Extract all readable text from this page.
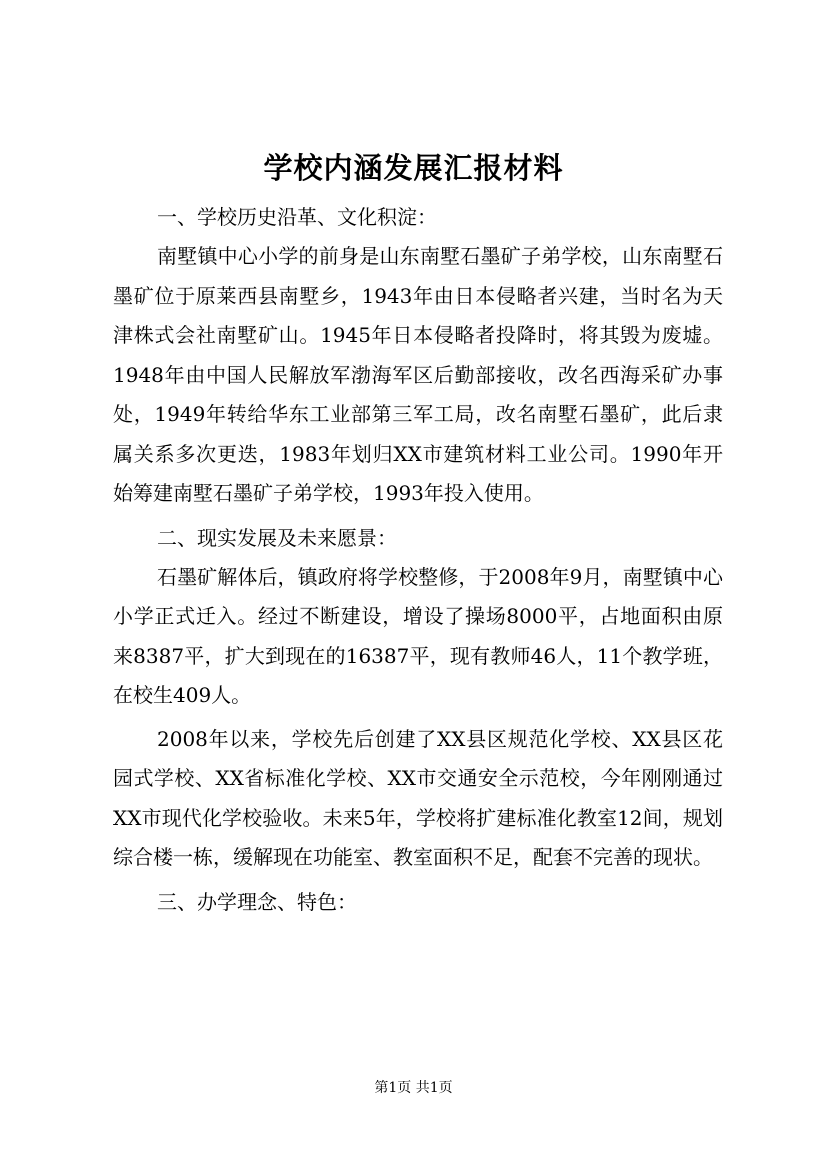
学校内涵发展汇报材料

一、学校历史沿革、文化积淀：

南墅镇中心小学的前身是山东南墅石墨矿子弟学校，山东南墅石墨矿位于原莱西县南墅乡，1943年由日本侵略者兴建，当时名为天津株式会社南墅矿山。1945年日本侵略者投降时，将其毁为废墟。1948年由中国人民解放军渤海军区后勤部接收，改名西海采矿办事处，1949年转给华东工业部第三军工局，改名南墅石墨矿，此后隶属关系多次更迭，1983年划归XX市建筑材料工业公司。1990年开始筹建南墅石墨矿子弟学校，1993年投入使用。

二、现实发展及未来愿景：

石墨矿解体后，镇政府将学校整修，于2008年9月，南墅镇中心小学正式迁入。经过不断建设，增设了操场8000平，占地面积由原来8387平，扩大到现在的16387平，现有教师46人，11个教学班，在校生409人。

2008年以来，学校先后创建了XX县区规范化学校、XX县区花园式学校、XX省标准化学校、XX市交通安全示范校，今年刚刚通过XX市现代化学校验收。未来5年，学校将扩建标准化教室12间，规划综合楼一栋，缓解现在功能室、教室面积不足，配套不完善的现状。

三、办学理念、特色：

第1页 共1页
